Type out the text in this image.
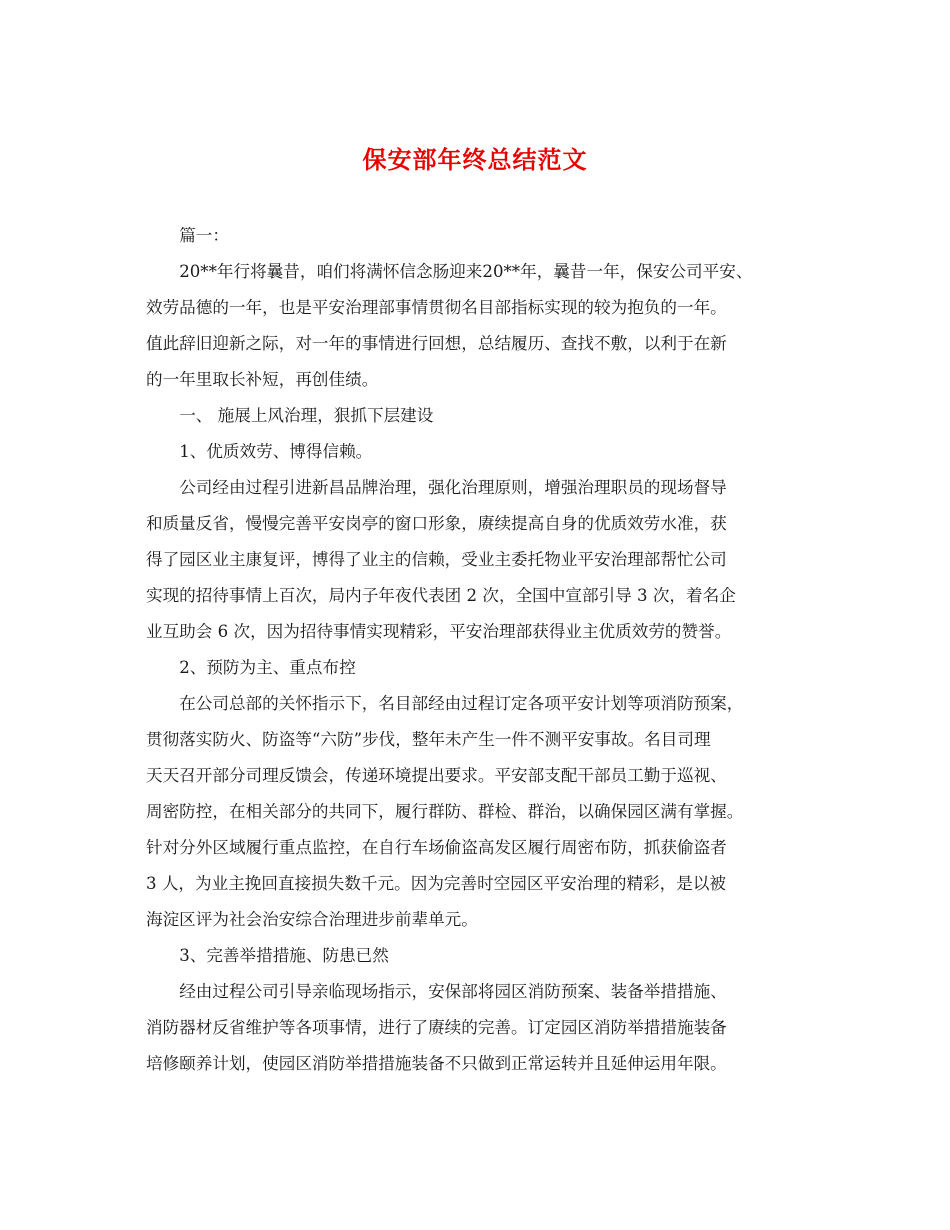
保安部年终总结范文
篇一：
20**年行将曩昔，咱们将满怀信念肠迎来20**年，曩昔一年，保安公司平安、
效劳品德的一年，也是平安治理部事情贯彻名目部指标实现的较为抱负的一年。
值此辞旧迎新之际，对一年的事情进行回想，总结履历、查找不敷，以利于在新
的一年里取长补短，再创佳绩。
一、 施展上风治理，狠抓下层建设
1、优质效劳、博得信赖。
公司经由过程引进新昌品牌治理，强化治理原则，增强治理职员的现场督导
和质量反省，慢慢完善平安岗亭的窗口形象，赓续提高自身的优质效劳水准，获
得了园区业主康复评，博得了业主的信赖，受业主委托物业平安治理部帮忙公司
实现的招待事情上百次，局内子年夜代表团 2 次，全国中宣部引导 3 次，着名企
业互助会 6 次，因为招待事情实现精彩，平安治理部获得业主优质效劳的赞誉。
2、预防为主、重点布控
在公司总部的关怀指示下，名目部经由过程订定各项平安计划等项消防预案，
贯彻落实防火、防盗等“六防”步伐，整年未产生一件不测平安事故。名目司理
天天召开部分司理反馈会，传递环境提出要求。平安部支配干部员工勤于巡视、
周密防控，在相关部分的共同下，履行群防、群检、群治，以确保园区满有掌握。
针对分外区域履行重点监控，在自行车场偷盗高发区履行周密布防，抓获偷盗者
3 人，为业主挽回直接损失数千元。因为完善时空园区平安治理的精彩，是以被
海淀区评为社会治安综合治理进步前辈单元。
3、完善举措措施、防患已然
经由过程公司引导亲临现场指示，安保部将园区消防预案、装备举措措施、
消防器材反省维护等各项事情，进行了赓续的完善。订定园区消防举措措施装备
培修颐养计划，使园区消防举措措施装备不只做到正常运转并且延伸运用年限。
